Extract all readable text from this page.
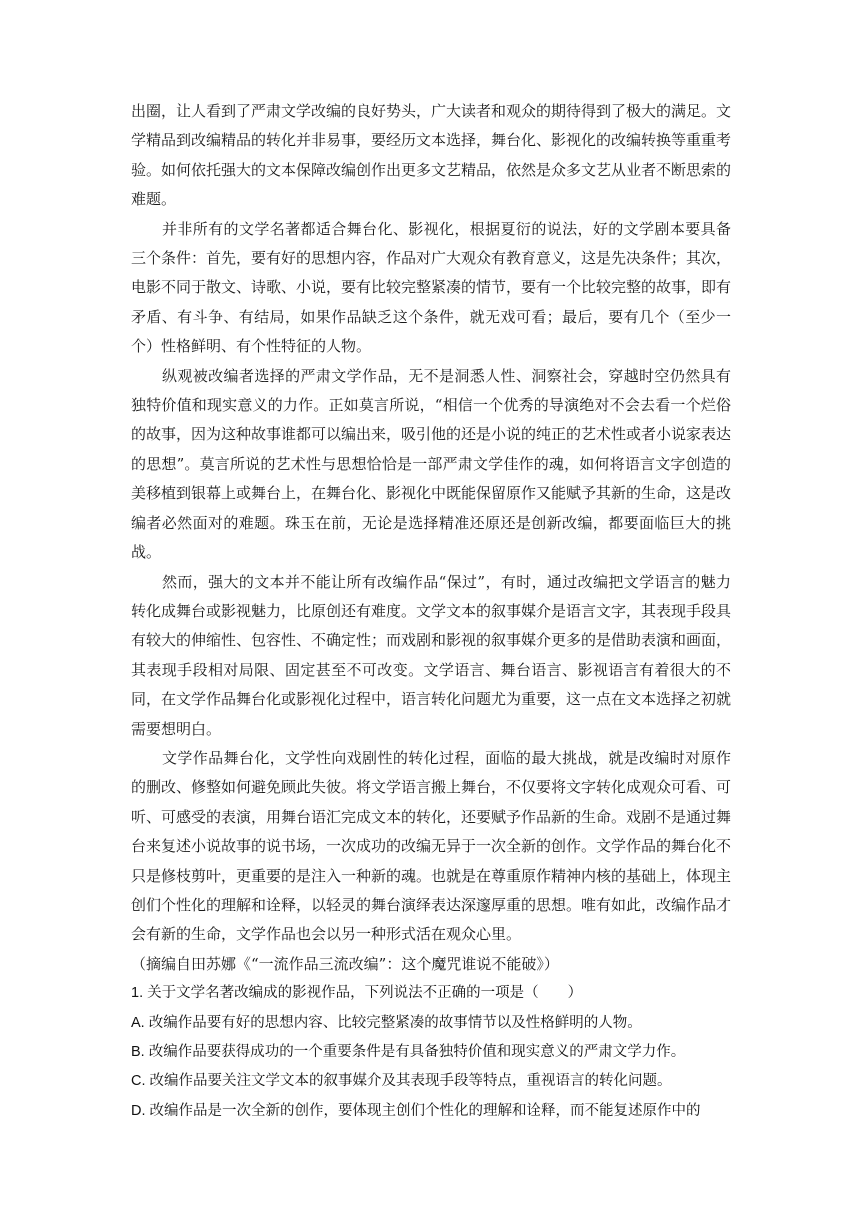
出圈，让人看到了严肃文学改编的良好势头，广大读者和观众的期待得到了极大的满足。文学精品到改编精品的转化并非易事，要经历文本选择，舞台化、影视化的改编转换等重重考验。如何依托强大的文本保障改编创作出更多文艺精品，依然是众多文艺从业者不断思索的难题。

并非所有的文学名著都适合舞台化、影视化，根据夏衍的说法，好的文学剧本要具备三个条件：首先，要有好的思想内容，作品对广大观众有教育意义，这是先决条件；其次，电影不同于散文、诗歌、小说，要有比较完整紧凑的情节，要有一个比较完整的故事，即有矛盾、有斗争、有结局，如果作品缺乏这个条件，就无戏可看；最后，要有几个（至少一个）性格鲜明、有个性特征的人物。

纵观被改编者选择的严肃文学作品，无不是洞悉人性、洞察社会，穿越时空仍然具有独特价值和现实意义的力作。正如莫言所说，“相信一个优秀的导演绝对不会去看一个烂俗的故事，因为这种故事谁都可以编出来，吸引他的还是小说的纯正的艺术性或者小说家表达的思想”。莫言所说的艺术性与思想恰恰是一部严肃文学佳作的魂，如何将语言文字创造的美移植到银幕上或舞台上，在舞台化、影视化中既能保留原作又能赋予其新的生命，这是改编者必然面对的难题。珠玉在前，无论是选择精准还原还是创新改编，都要面临巨大的挑战。

然而，强大的文本并不能让所有改编作品“保过”，有时，通过改编把文学语言的魅力转化成舞台或影视魅力，比原创还有难度。文学文本的叙事媒介是语言文字，其表现手段具有较大的伸缩性、包容性、不确定性；而戏剧和影视的叙事媒介更多的是借助表演和画面，其表现手段相对局限、固定甚至不可改变。文学语言、舞台语言、影视语言有着很大的不同，在文学作品舞台化或影视化过程中，语言转化问题尤为重要，这一点在文本选择之初就需要想明白。

文学作品舞台化，文学性向戏剧性的转化过程，面临的最大挑战，就是改编时对原作的删改、修整如何避免顾此失彼。将文学语言搬上舞台，不仅要将文字转化成观众可看、可听、可感受的表演，用舞台语汇完成文本的转化，还要赋予作品新的生命。戏剧不是通过舞台来复述小说故事的说书场，一次成功的改编无异于一次全新的创作。文学作品的舞台化不只是修枝剪叶，更重要的是注入一种新的魂。也就是在尊重原作精神内核的基础上，体现主创们个性化的理解和诠释，以轻灵的舞台演绎表达深邃厚重的思想。唯有如此，改编作品才会有新的生命，文学作品也会以另一种形式活在观众心里。

（摘编自田苏娜《“一流作品三流改编”：这个魔咒谁说不能破》）

1. 关于文学名著改编成的影视作品，下列说法不正确的一项是（　　）

A. 改编作品要有好的思想内容、比较完整紧凑的故事情节以及性格鲜明的人物。

B. 改编作品要获得成功的一个重要条件是有具备独特价值和现实意义的严肃文学力作。

C. 改编作品要关注文学文本的叙事媒介及其表现手段等特点，重视语言的转化问题。

D. 改编作品是一次全新的创作，要体现主创们个性化的理解和诠释，而不能复述原作中的
